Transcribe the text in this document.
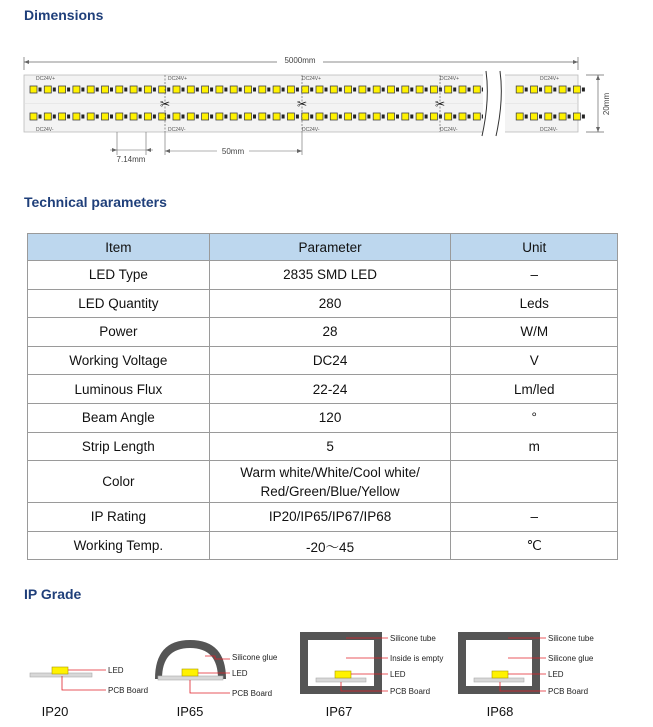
Dimensions
5000mm
DC24V+
DC24V-
DC24V+
DC24V-
DC24V+
DC24V-
DC24V+
DC24V-
DC24V+
DC24V-
✂	✂	✂	20mm
7.14mm
50mm
Technical parameters
Item	Parameter	Unit
LED Type	2835 SMD LED	–
LED Quantity	280	Leds
Power	28	W/M
Working Voltage	DC24	V
Luminous Flux	22-24	Lm/led
Beam Angle	120	°
Strip Length	5	m
Color	Warm white/White/Cool white/
Red/Green/Blue/Yellow	

IP Rating	IP20/IP65/IP67/IP68	–
Working Temp.	-20～45	℃
IP Grade
LED
PCB Board
IP20
Silicone glue
LED
PCB Board
IP65
Silicone tube
Inside is empty
LED
PCB Board
IP67
Silicone tube
Silicone glue
LED
PCB Board
IP68
